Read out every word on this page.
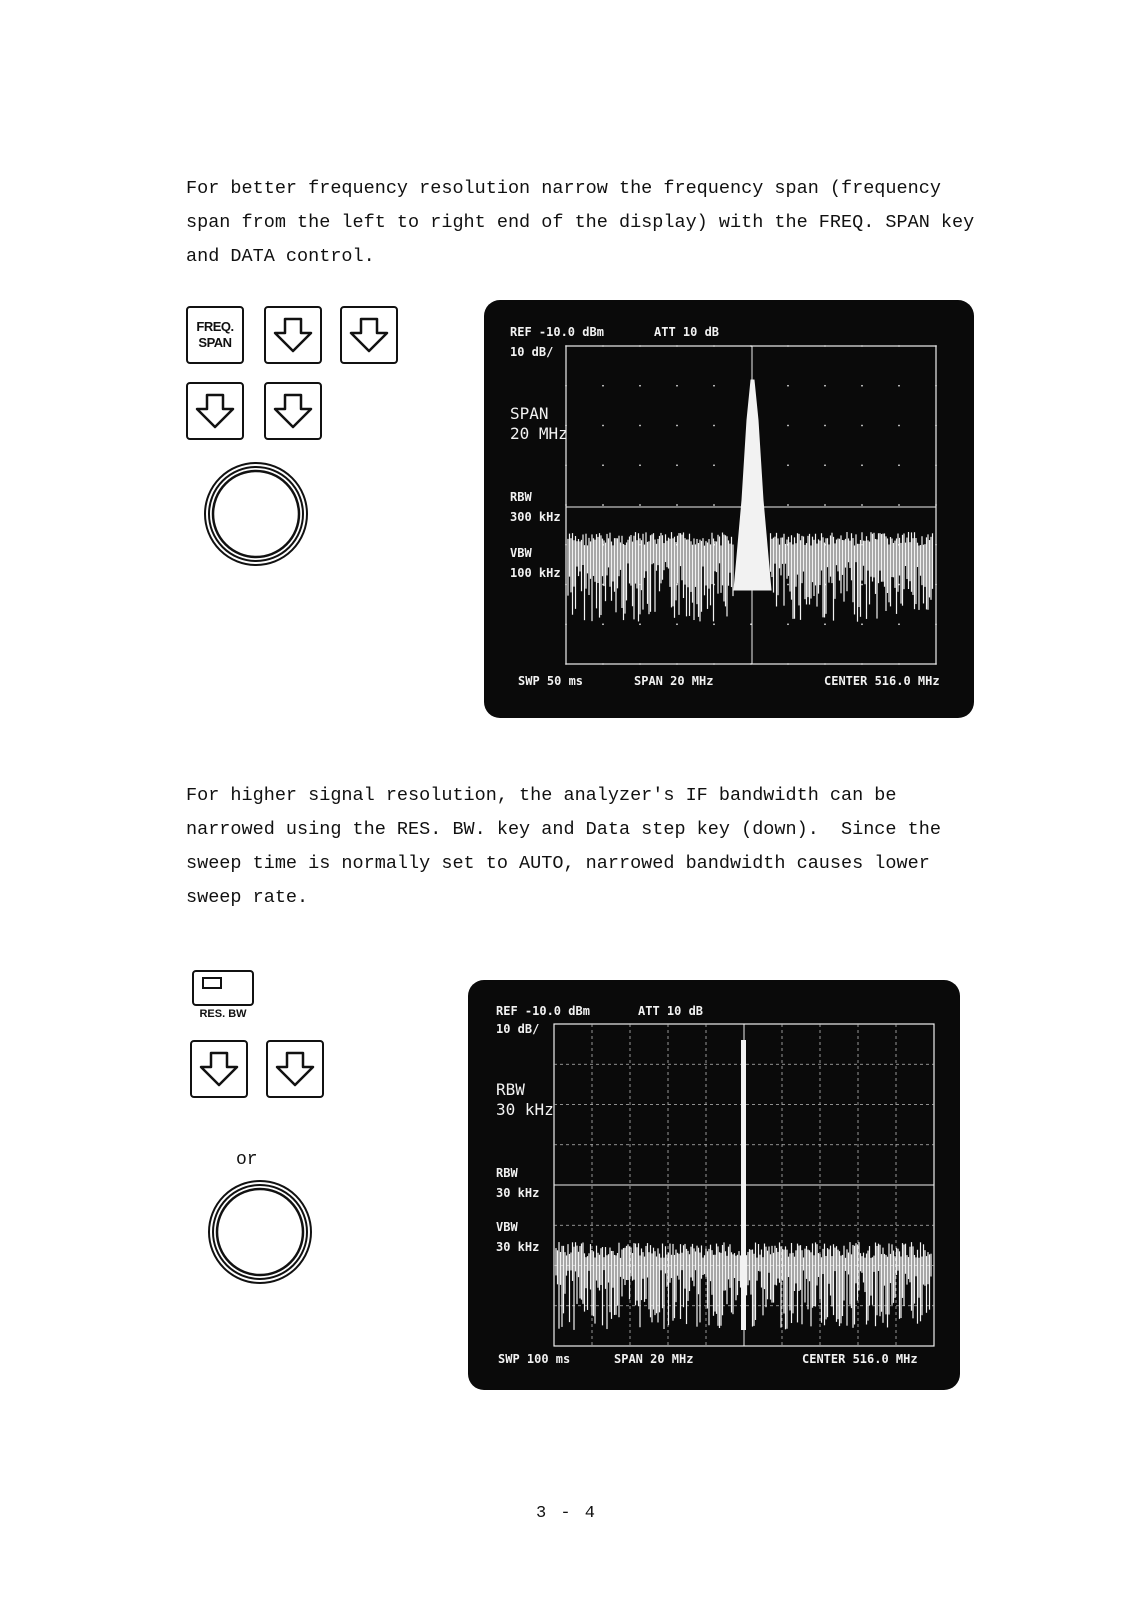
For better frequency resolution narrow the frequency span (frequency
span from the left to right end of the display) with the FREQ. SPAN key
and DATA control.

FREQ.
SPAN
REF -10.0 dBm	ATT 10 dB
10 dB/
SPAN
20 MHz
RBW
300 kHz
VBW
100 kHz
SWP 50 ms	SPAN 20 MHz	CENTER 516.0 MHz

For higher signal resolution, the analyzer's IF bandwidth can be
narrowed using the RES. BW. key and Data step key (down).  Since the
sweep time is normally set to AUTO, narrowed bandwidth causes lower
sweep rate.

RES. BW
or
REF -10.0 dBm	ATT 10 dB
10 dB/
RBW
30 kHz
RBW
30 kHz
VBW
30 kHz
SWP 100 ms	SPAN 20 MHz	CENTER 516.0 MHz
3 - 4
